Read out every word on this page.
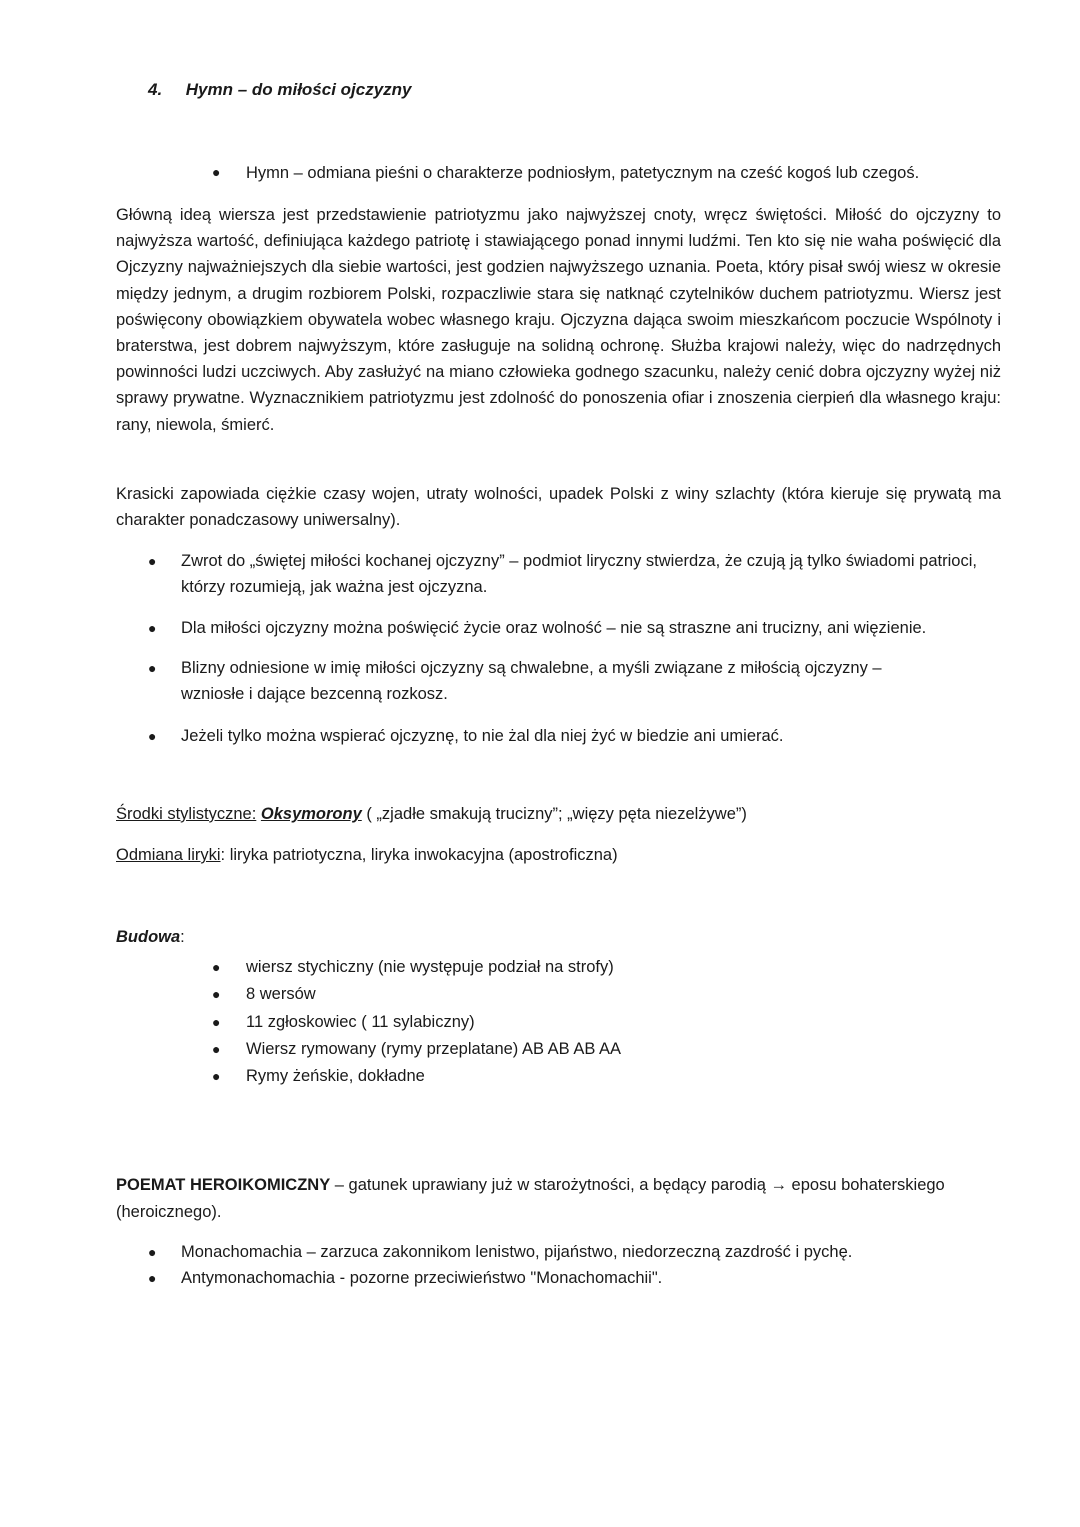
4. Hymn – do miłości ojczyzny
● Hymn – odmiana pieśni o charakterze podniosłym, patetycznym na cześć kogoś lub czegoś.

Główną ideą wiersza jest przedstawienie patriotyzmu jako najwyższej cnoty, wręcz świętości. Miłość do ojczyzny to najwyższa wartość, definiująca każdego patriotę i stawiającego ponad innymi ludźmi. Ten kto się nie waha poświęcić dla Ojczyzny najważniejszych dla siebie wartości, jest godzien najwyższego uznania. Poeta, który pisał swój wiesz w okresie między jednym, a drugim rozbiorem Polski, rozpaczliwie stara się natknąć czytelników duchem patriotyzmu. Wiersz jest poświęcony obowiązkiem obywatela wobec własnego kraju. Ojczyzna dająca swoim mieszkańcom poczucie Wspólnoty i braterstwa, jest dobrem najwyższym, które zasługuje na solidną ochronę. Służba krajowi należy, więc do nadrzędnych powinności ludzi uczciwych. Aby zasłużyć na miano człowieka godnego szacunku, należy cenić dobra ojczyzny wyżej niż sprawy prywatne. Wyznacznikiem patriotyzmu jest zdolność do ponoszenia ofiar i znoszenia cierpień dla własnego kraju: rany, niewola, śmierć.

Krasicki zapowiada ciężkie czasy wojen, utraty wolności, upadek Polski z winy szlachty (która kieruje się prywatą ma charakter ponadczasowy uniwersalny).

● Zwrot do „świętej miłości kochanej ojczyzny” – podmiot liryczny stwierdza, że czują ją tylko świadomi patrioci, którzy rozumieją, jak ważna jest ojczyzna.
● Dla miłości ojczyzny można poświęcić życie oraz wolność – nie są straszne ani trucizny, ani więzienie.
● Blizny odniesione w imię miłości ojczyzny są chwalebne, a myśli związane z miłością ojczyzny – wzniosłe i dające bezcenną rozkosz.
● Jeżeli tylko można wspierać ojczyznę, to nie żal dla niej żyć w biedzie ani umierać.
Środki stylistyczne: Oksymorony ( „zjadłe smakują trucizny”; „więzy pęta niezelżywe”)
Odmiana liryki: liryka patriotyczna, liryka inwokacyjna (apostroficzna)
Budowa:
● wiersz stychiczny (nie występuje podział na strofy)
● 8 wersów
● 11 zgłoskowiec ( 11 sylabiczny)
● Wiersz rymowany (rymy przeplatane) AB AB AB AA
● Rymy żeńskie, dokładne
POEMAT HEROIKOMICZNY – gatunek uprawiany już w starożytności, a będący parodią → eposu bohaterskiego (heroicznego).
● Monachomachia – zarzuca zakonnikom lenistwo, pijaństwo, niedorzeczną zazdrość i pychę.
● Antymonachomachia - pozorne przeciwieństwo "Monachomachii".
